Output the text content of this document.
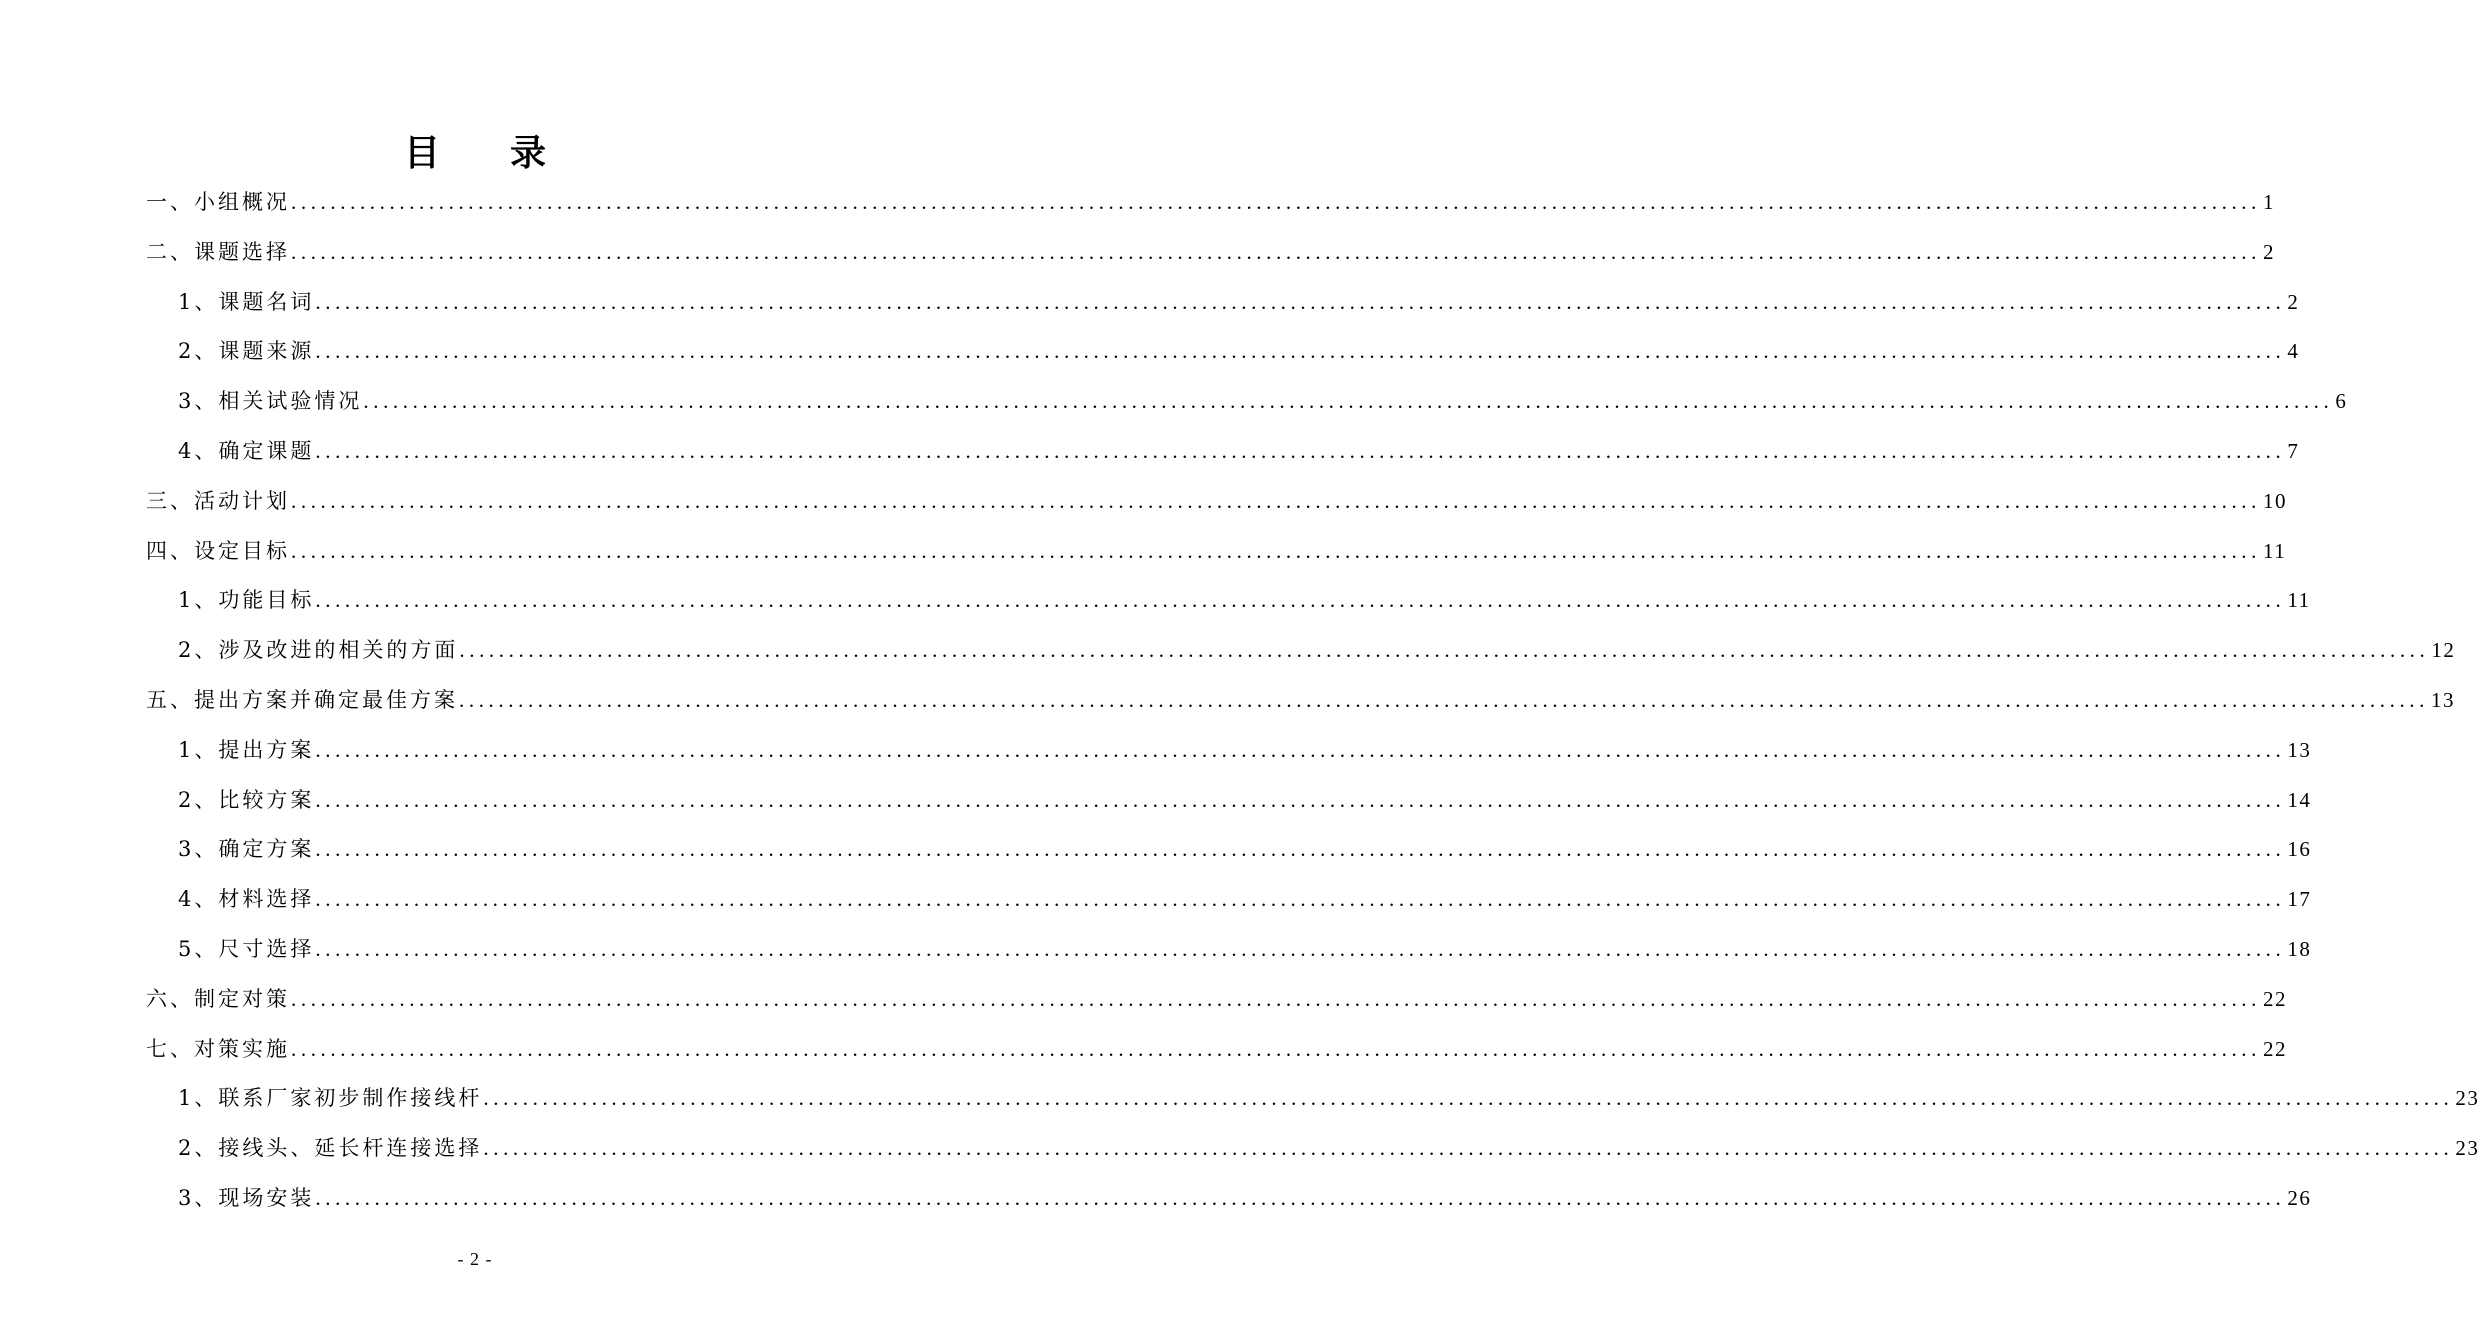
目 录
一、小组概况 ........................................................................................................................................................................................................ 1
二、课题选择 ........................................................................................................................................................................................................ 2
1、课题名词 ........................................................................................................................................................................................................ 2
2、课题来源 ........................................................................................................................................................................................................ 4
3、相关试验情况 ........................................................................................................................................................................................................ 6
4、确定课题 ........................................................................................................................................................................................................ 7
三、活动计划 ........................................................................................................................................................................................................ 10
四、设定目标 ........................................................................................................................................................................................................ 11
1、功能目标 ........................................................................................................................................................................................................ 11
2、涉及改进的相关的方面 ........................................................................................................................................................................................................ 12
五、提出方案并确定最佳方案 ........................................................................................................................................................................................................ 13
1、提出方案 ........................................................................................................................................................................................................ 13
2、比较方案 ........................................................................................................................................................................................................ 14
3、确定方案 ........................................................................................................................................................................................................ 16
4、材料选择 ........................................................................................................................................................................................................ 17
5、尺寸选择 ........................................................................................................................................................................................................ 18
六、制定对策 ........................................................................................................................................................................................................ 22
七、对策实施 ........................................................................................................................................................................................................ 22
1、联系厂家初步制作接线杆 ........................................................................................................................................................................................................ 23
2、接线头、延长杆连接选择 ........................................................................................................................................................................................................ 23
3、现场安装 ........................................................................................................................................................................................................ 26
- 2 -
